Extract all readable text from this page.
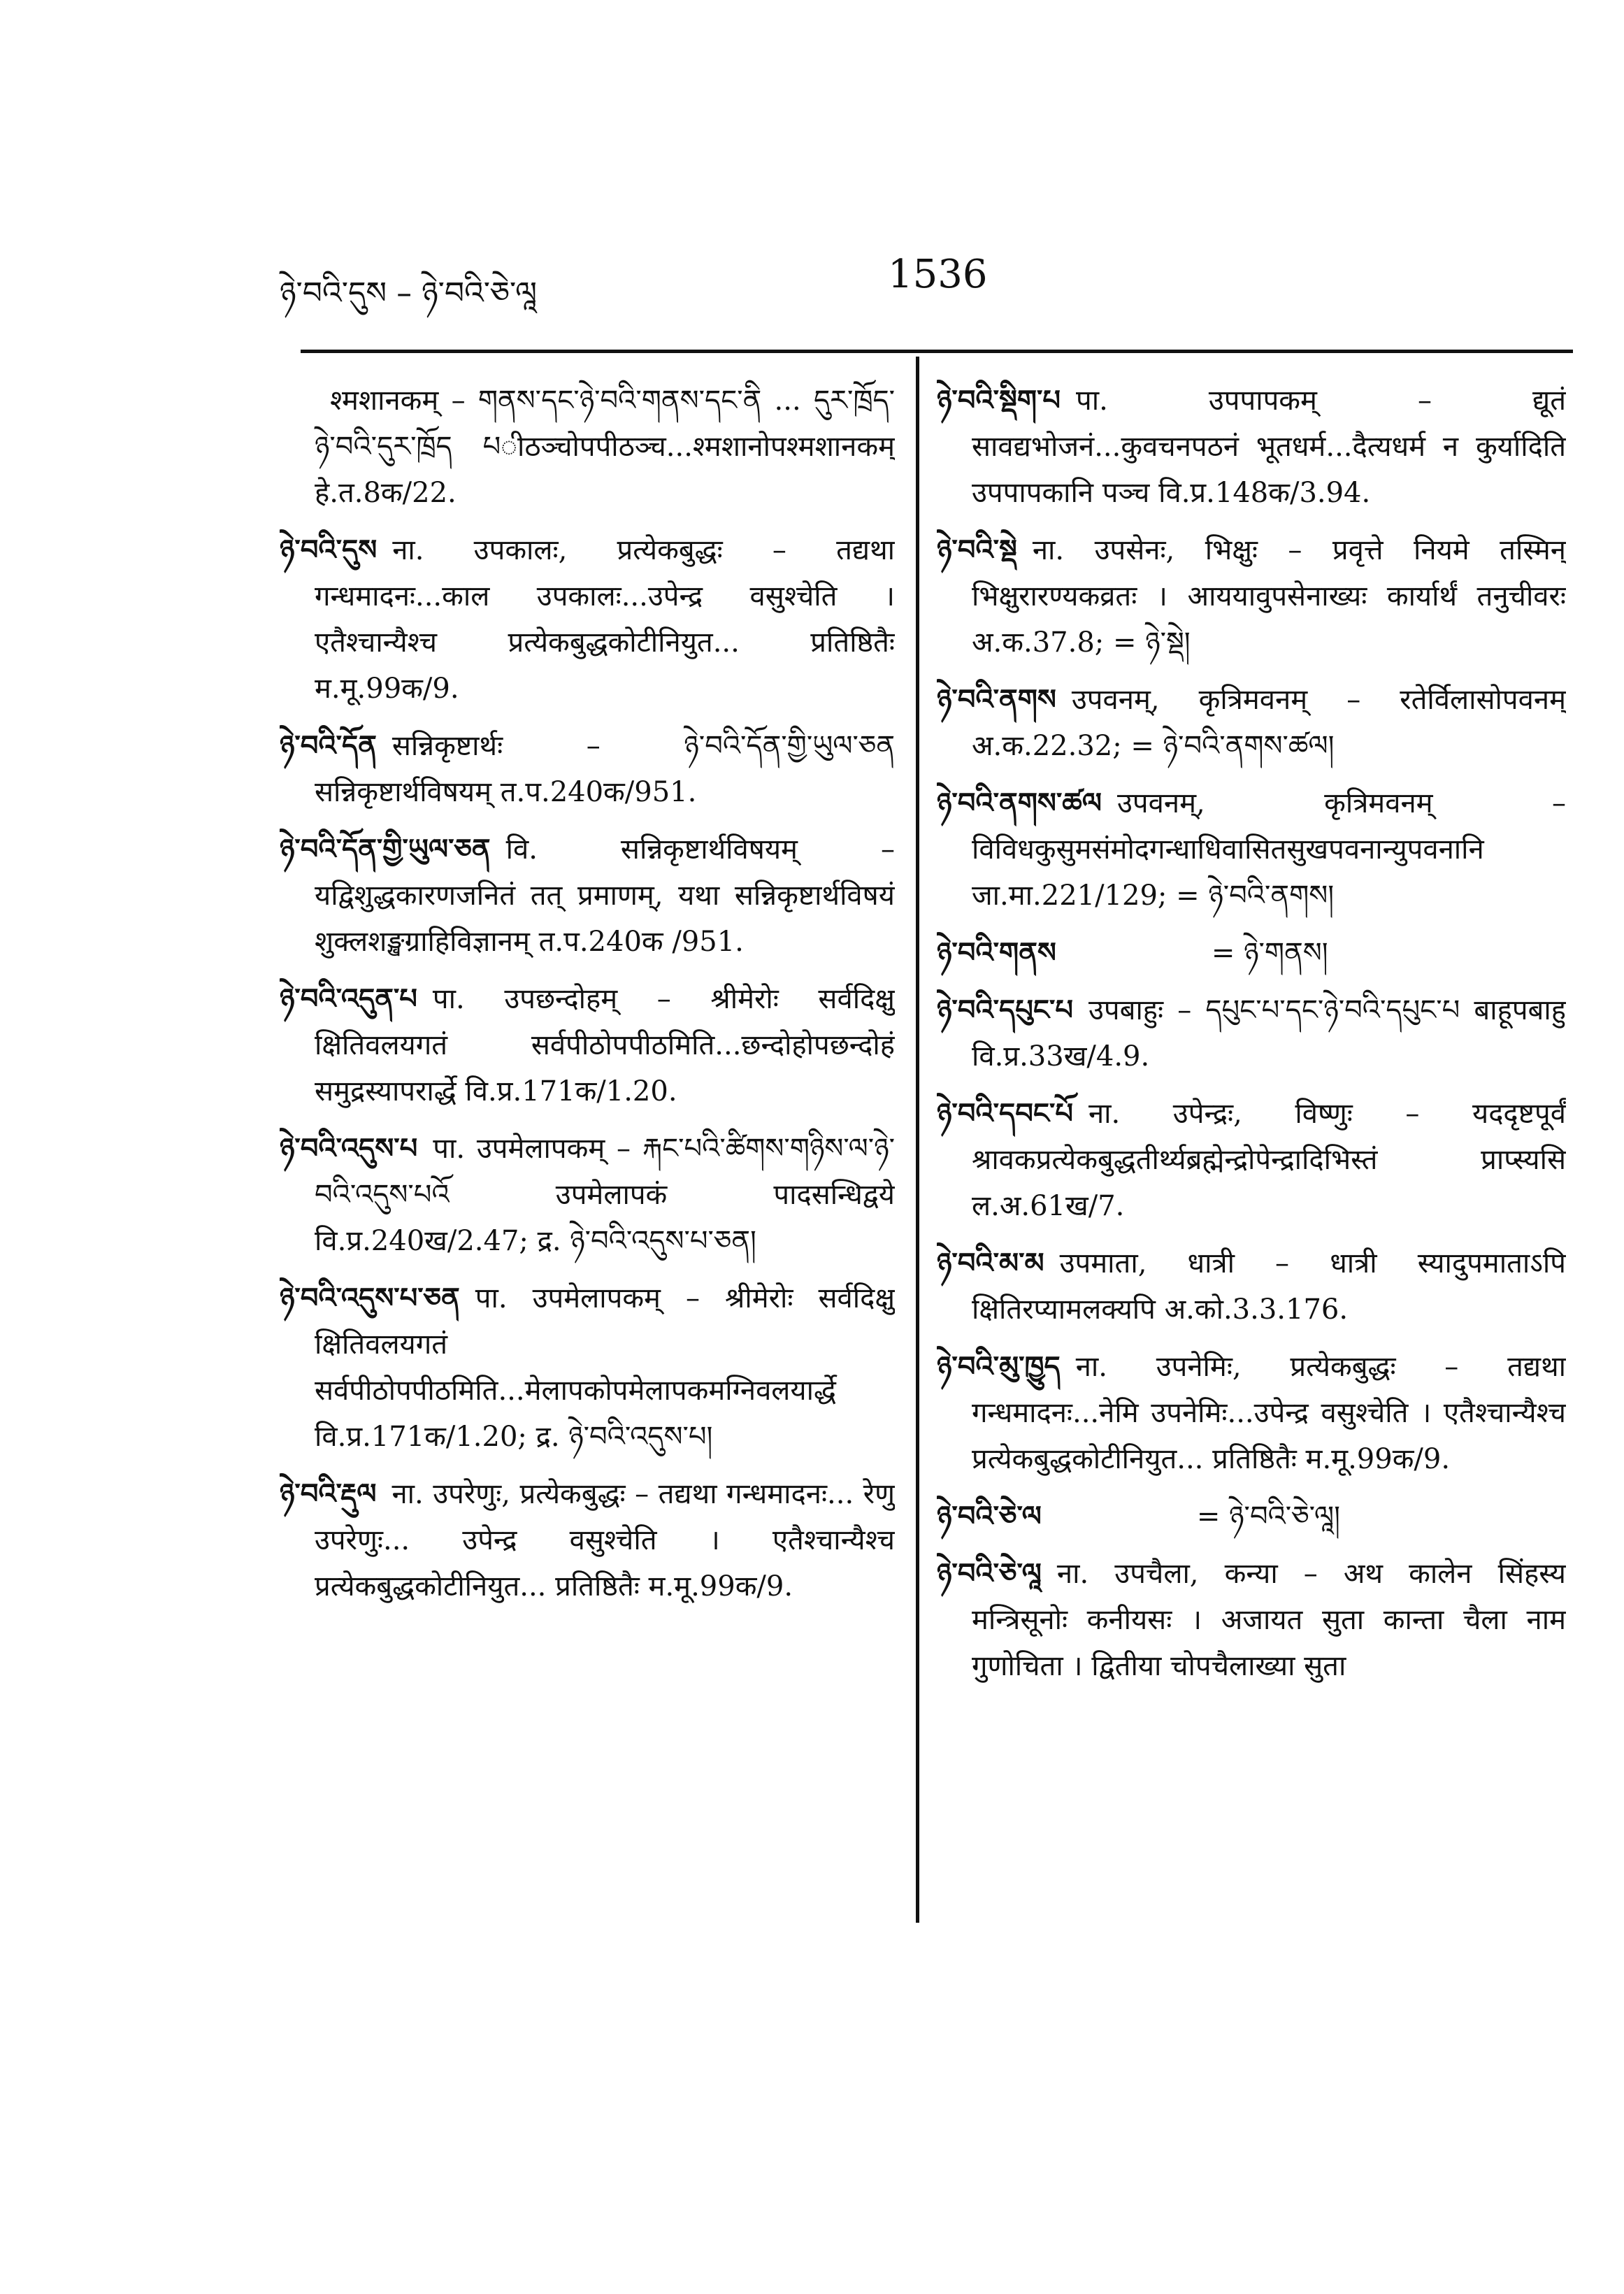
ཉེ་བའི་དུས – ཉེ་བའི་ཅེ་ལཱ	1536

श्मशानकम् – གནས་དང་ཉེ་བའི་གནས་དང་ནི ... དུར་ཁྲོད་ཉེ་བའི་དུར་ཁྲོད པीठञ्चोपपीठञ्च...श्मशानोपश्मशानकम् हे.त.8क/22.

ཉེ་བའི་དུས ना. उपकालः, प्रत्येकबुद्धः – तद्यथा गन्धमादनः...काल उपकालः...उपेन्द्र वसुश्चेति । एतैश्चान्यैश्च प्रत्येकबुद्धकोटीनियुत... प्रतिष्ठितैः म.मू.99क/9.

ཉེ་བའི་དོན सन्निकृष्टार्थः – ཉེ་བའི་དོན་གྱི་ཡུལ་ཅན सन्निकृष्टार्थविषयम् त.प.240क/951.

ཉེ་བའི་དོན་གྱི་ཡུལ་ཅན वि. सन्निकृष्टार्थविषयम् – यद्विशुद्धकारणजनितं तत् प्रमाणम्, यथा सन्निकृष्टार्थविषयं शुक्लशङ्खग्राहिविज्ञानम् त.प.240क /951.

ཉེ་བའི་འདུན་པ पा. उपछन्दोहम् – श्रीमेरोः सर्वदिक्षु क्षितिवलयगतं सर्वपीठोपपीठमिति...छन्दोहोपछन्दोहं समुद्रस्यापरार्द्धे वि.प्र.171क/1.20.

ཉེ་བའི་འདུས་པ पा. उपमेलापकम् – རྐང་པའི་ཚིགས་གཉིས་ལ་ཉེ་བའི་འདུས་པའོ उपमेलापकं पादसन्धिद्वये वि.प्र.240ख/2.47; द्र. ཉེ་བའི་འདུས་པ་ཅན།

ཉེ་བའི་འདུས་པ་ཅན पा. उपमेलापकम् – श्रीमेरोः सर्वदिक्षु क्षितिवलयगतं सर्वपीठोपपीठमिति...मेलापकोपमेलापकमग्निवलयार्द्धे वि.प्र.171क/1.20; द्र. ཉེ་བའི་འདུས་པ།

ཉེ་བའི་རྡུལ ना. उपरेणुः, प्रत्येकबुद्धः – तद्यथा गन्धमादनः... रेणु उपरेणुः... उपेन्द्र वसुश्चेति । एतैश्चान्यैश्च प्रत्येकबुद्धकोटीनियुत... प्रतिष्ठितैः म.मू.99क/9.

ཉེ་བའི་སྡིག་པ पा. उपपापकम् – द्यूतं सावद्यभोजनं...कुवचनपठनं भूतधर्म...दैत्यधर्म न कुर्यादिति उपपापकानि पञ्च वि.प्र.148क/3.94.

ཉེ་བའི་སྡེ ना. उपसेनः, भिक्षुः – प्रवृत्ते नियमे तस्मिन् भिक्षुरारण्यकव्रतः । आययावुपसेनाख्यः कार्यार्थं तनुचीवरः अ.क.37.8; = ཉེ་སྡེ།

ཉེ་བའི་ནགས उपवनम्, कृत्रिमवनम् – रतेर्विलासोपवनम् अ.क.22.32; = ཉེ་བའི་ནགས་ཚལ།

ཉེ་བའི་ནགས་ཚལ उपवनम्, कृत्रिमवनम् – विविधकुसुमसंमोदगन्धाधिवासितसुखपवनान्युपवनानि जा.मा.221/129; = ཉེ་བའི་ནགས།

ཉེ་བའི་གནས	= ཉེ་གནས།

ཉེ་བའི་དཔུང་པ उपबाहुः – དཔུང་པ་དང་ཉེ་བའི་དཔུང་པ बाहूपबाहु वि.प्र.33ख/4.9.

ཉེ་བའི་དབང་པོ ना. उपेन्द्रः, विष्णुः – यददृष्टपूर्वं श्रावकप्रत्येकबुद्धतीर्थ्यब्रह्मेन्द्रोपेन्द्रादिभिस्तं प्राप्स्यसि ल.अ.61ख/7.

ཉེ་བའི་མ་མ उपमाता, धात्री – धात्री स्यादुपमाताऽपि क्षितिरप्यामलक्यपि अ.को.3.3.176.

ཉེ་བའི་མུ་ཁྱུད ना. उपनेमिः, प्रत्येकबुद्धः – तद्यथा गन्धमादनः...नेमि उपनेमिः...उपेन्द्र वसुश्चेति । एतैश्चान्यैश्च प्रत्येकबुद्धकोटीनियुत... प्रतिष्ठितैः म.मू.99क/9.

ཉེ་བའི་ཅེ་ལ	= ཉེ་བའི་ཅེ་ལཱ།

ཉེ་བའི་ཅེ་ལཱ ना. उपचैला, कन्या – अथ कालेन सिंहस्य मन्त्रिसूनोः कनीयसः । अजायत सुता कान्ता चैला नाम गुणोचिता । द्वितीया चोपचैलाख्या सुता
